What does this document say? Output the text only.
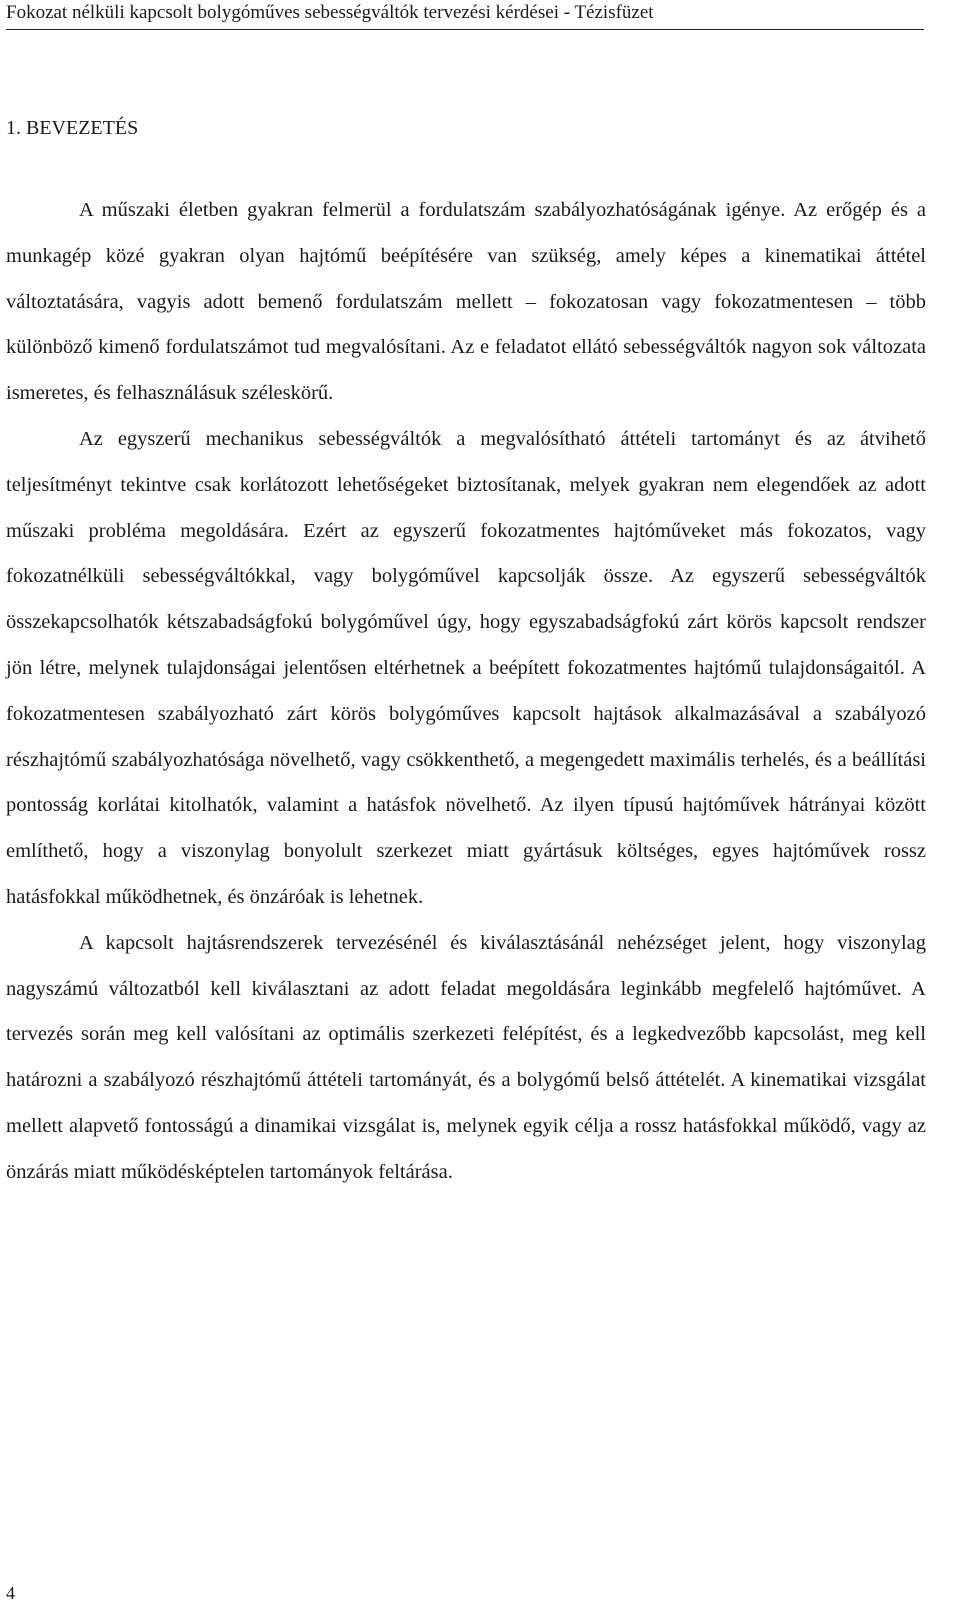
Fokozat nélküli kapcsolt bolygóműves sebességváltók tervezési kérdései - Tézisfüzet
1. BEVEZETÉS

A műszaki életben gyakran felmerül a fordulatszám szabályozhatóságának igénye. Az erőgép és a munkagép közé gyakran olyan hajtómű beépítésére van szükség, amely képes a kinematikai áttétel változtatására, vagyis adott bemenő fordulatszám mellett – fokozatosan vagy fokozatmentesen – több különböző kimenő fordulatszámot tud megvalósítani. Az e feladatot ellátó sebességváltók nagyon sok változata ismeretes, és felhasználásuk széleskörű.

Az egyszerű mechanikus sebességváltók a megvalósítható áttételi tartományt és az átvihető teljesítményt tekintve csak korlátozott lehetőségeket biztosítanak, melyek gyakran nem elegendőek az adott műszaki probléma megoldására. Ezért az egyszerű fokozatmentes hajtóműveket más fokozatos, vagy fokozatnélküli sebességváltókkal, vagy bolygóművel kapcsolják össze. Az egyszerű sebességváltók összekapcsolhatók kétszabadságfokú bolygóművel úgy, hogy egyszabadságfokú zárt körös kapcsolt rendszer jön létre, melynek tulajdonságai jelentősen eltérhetnek a beépített fokozatmentes hajtómű tulajdonságaitól. A fokozatmentesen szabályozható zárt körös bolygóműves kapcsolt hajtások alkalmazásával a szabályozó részhajtómű szabályozhatósága növelhető, vagy csökkenthető, a megengedett maximális terhelés, és a beállítási pontosság korlátai kitolhatók, valamint a hatásfok növelhető. Az ilyen típusú hajtóművek hátrányai között említhető, hogy a viszonylag bonyolult szerkezet miatt gyártásuk költséges, egyes hajtóművek rossz hatásfokkal működhetnek, és önzáróak is lehetnek.

A kapcsolt hajtásrendszerek tervezésénél és kiválasztásánál nehézséget jelent, hogy viszonylag nagyszámú változatból kell kiválasztani az adott feladat megoldására leginkább megfelelő hajtóművet. A tervezés során meg kell valósítani az optimális szerkezeti felépítést, és a legkedvezőbb kapcsolást, meg kell határozni a szabályozó részhajtómű áttételi tartományát, és a bolygómű belső áttételét. A kinematikai vizsgálat mellett alapvető fontosságú a dinamikai vizsgálat is, melynek egyik célja a rossz hatásfokkal működő, vagy az önzárás miatt működésképtelen tartományok feltárása.

4
